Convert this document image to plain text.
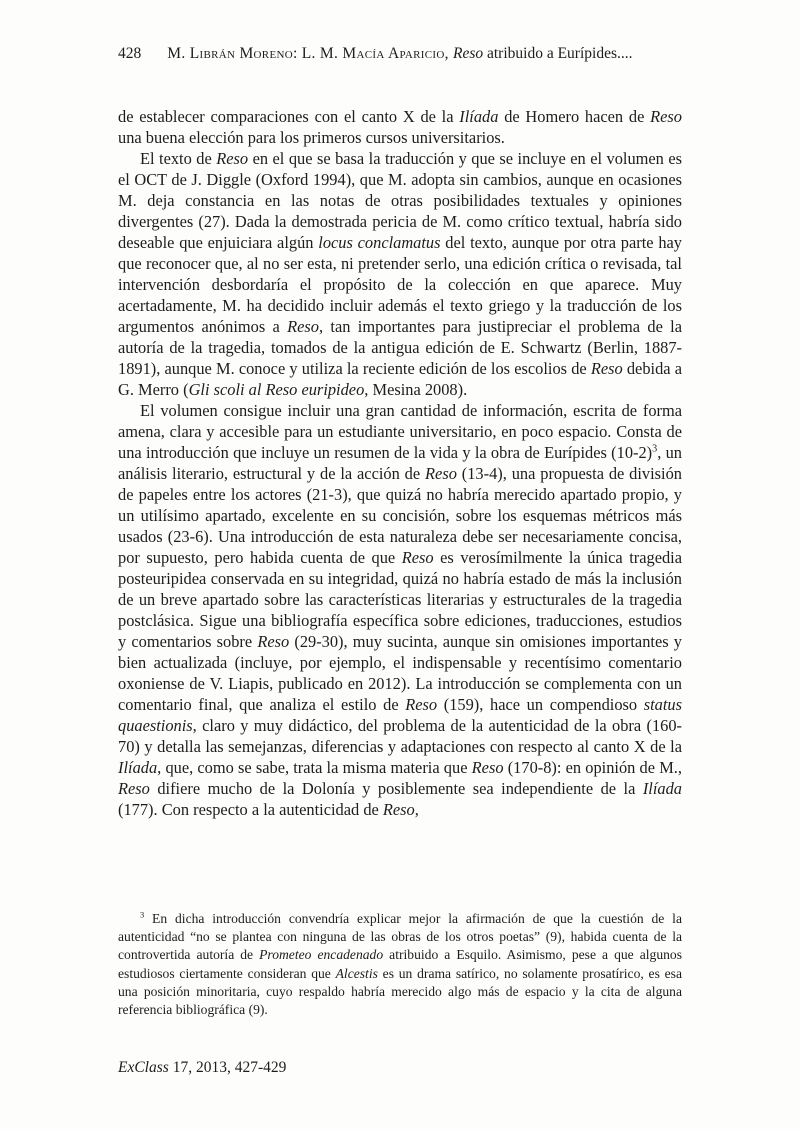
428 M. Librán Moreno: L. M. Macía Aparicio, Reso atribuido a Eurípides....

de establecer comparaciones con el canto X de la Ilíada de Homero hacen de Reso una buena elección para los primeros cursos universitarios.

El texto de Reso en el que se basa la traducción y que se incluye en el volumen es el OCT de J. Diggle (Oxford 1994), que M. adopta sin cambios, aunque en ocasiones M. deja constancia en las notas de otras posibilidades textuales y opiniones divergentes (27). Dada la demostrada pericia de M. como crítico textual, habría sido deseable que enjuiciara algún locus conclamatus del texto, aunque por otra parte hay que reconocer que, al no ser esta, ni pretender serlo, una edición crítica o revisada, tal intervención desbordaría el propósito de la colección en que aparece. Muy acertadamente, M. ha decidido incluir además el texto griego y la traducción de los argumentos anónimos a Reso, tan importantes para justipreciar el problema de la autoría de la tragedia, tomados de la antigua edición de E. Schwartz (Berlin, 1887-1891), aunque M. conoce y utiliza la reciente edición de los escolios de Reso debida a G. Merro (Gli scoli al Reso euripideo, Mesina 2008).

El volumen consigue incluir una gran cantidad de información, escrita de forma amena, clara y accesible para un estudiante universitario, en poco espacio. Consta de una introducción que incluye un resumen de la vida y la obra de Eurípides $(10-2)^3$, un análisis literario, estructural y de la acción de Reso (13-4), una propuesta de división de papeles entre los actores (21-3), que quizá no habría merecido apartado propio, y un utilísimo apartado, excelente en su concisión, sobre los esquemas métricos más usados (23-6). Una introducción de esta naturaleza debe ser necesariamente concisa, por supuesto, pero habida cuenta de que Reso es verosímilmente la única tragedia posteuripidea conservada en su integridad, quizá no habría estado de más la inclusión de un breve apartado sobre las características literarias y estructurales de la tragedia postclásica. Sigue una bibliografía específica sobre ediciones, traducciones, estudios y comentarios sobre Reso (29-30), muy sucinta, aunque sin omisiones importantes y bien actualizada (incluye, por ejemplo, el indispensable y recentísimo comentario oxoniense de V. Liapis, publicado en 2012). La introducción se complementa con un comentario final, que analiza el estilo de Reso (159), hace un compendioso status quaestionis, claro y muy didáctico, del problema de la autenticidad de la obra (160-70) y detalla las semejanzas, diferencias y adaptaciones con respecto al canto X de la Ilíada, que, como se sabe, trata la misma materia que Reso (170-8): en opinión de M., Reso difiere mucho de la Dolonía y posiblemente sea independiente de la Ilíada (177). Con respecto a la autenticidad de Reso,

$^3$ En dicha introducción convendría explicar mejor la afirmación de que la cuestión de la autenticidad “no se plantea con ninguna de las obras de los otros poetas” (9), habida cuenta de la controvertida autoría de Prometeo encadenado atribuido a Esquilo. Asimismo, pese a que algunos estudiosos ciertamente consideran que Alcestis es un drama satírico, no solamente prosatírico, es esa una posición minoritaria, cuyo respaldo habría merecido algo más de espacio y la cita de alguna referencia bibliográfica (9).
ExClass 17, 2013, 427-429
